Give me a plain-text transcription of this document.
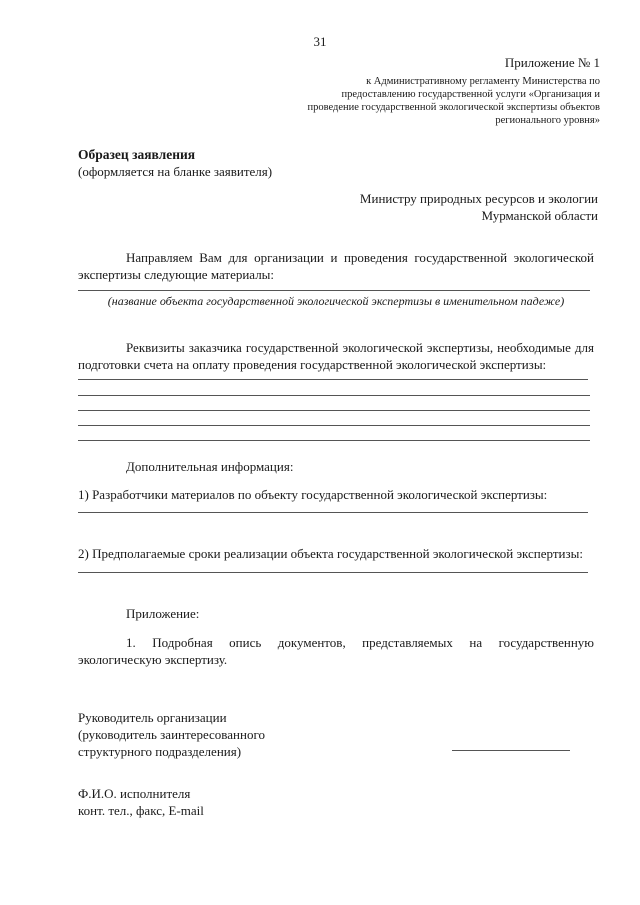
31
Приложение № 1
к Административному регламенту Министерства по
предоставлению государственной услуги «Организация и
проведение государственной экологической экспертизы объектов
регионального уровня»
Образец заявления
(оформляется на бланке заявителя)
Министру природных ресурсов и экологии
Мурманской области
Направляем Вам для организации и проведения государственной экологической экспертизы следующие материалы:
(название объекта государственной экологической экспертизы в именительном падеже)
Реквизиты заказчика государственной экологической экспертизы, необходимые для подготовки счета на оплату проведения государственной экологической экспертизы:
Дополнительная информация:
1) Разработчики материалов по объекту государственной экологической экспертизы:
2) Предполагаемые сроки реализации объекта государственной экологической экспертизы:
Приложение:
1. Подробная опись документов, представляемых на государственную экологическую экспертизу.
Руководитель организации
(руководитель заинтересованного
структурного подразделения)
Ф.И.О. исполнителя
конт. тел., факс, E-mail
